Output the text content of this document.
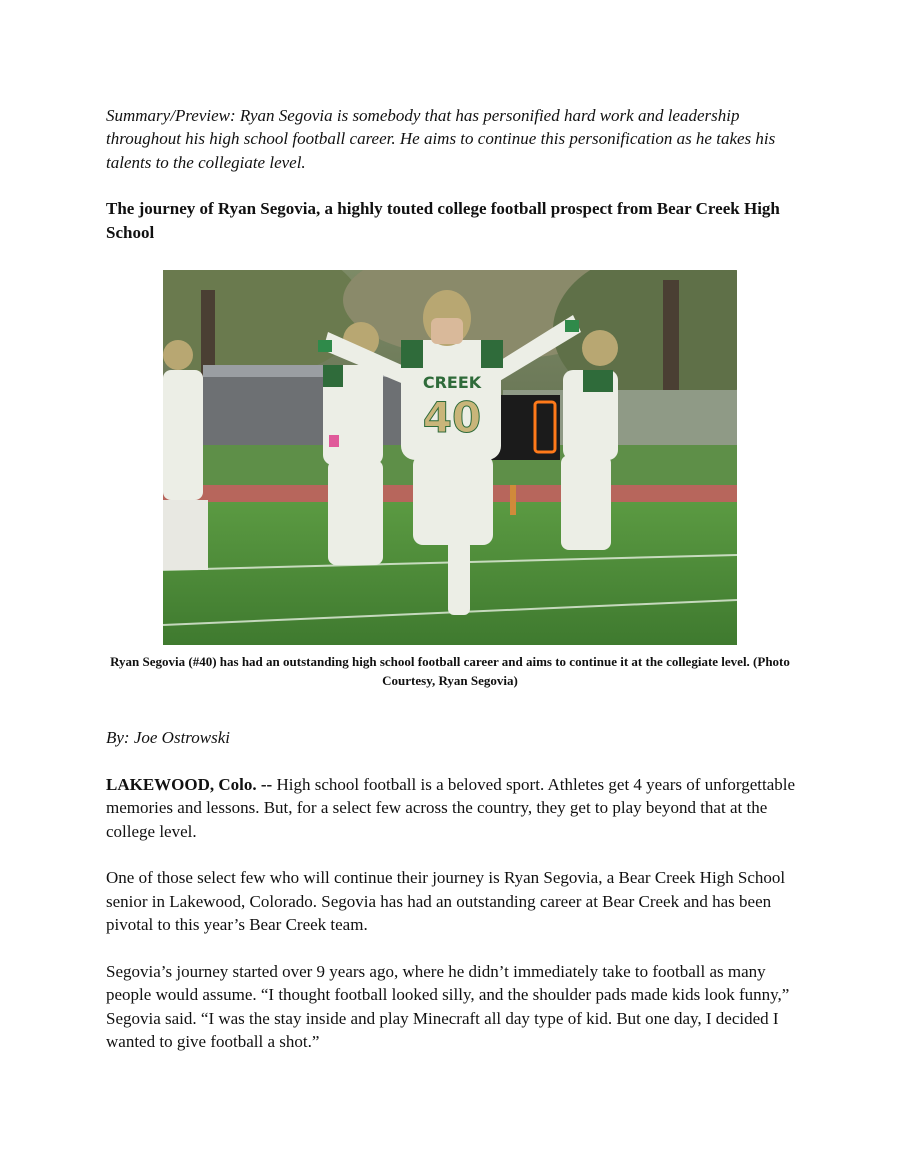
Summary/Preview: Ryan Segovia is somebody that has personified hard work and leadership throughout his high school football career. He aims to continue this personification as he takes his talents to the collegiate level.

The journey of Ryan Segovia, a highly touted college football prospect from Bear Creek High School

CREEK
40

Ryan Segovia (#40) has had an outstanding high school football career and aims to continue it at the collegiate level. (Photo Courtesy, Ryan Segovia)

By: Joe Ostrowski

LAKEWOOD, Colo. -- High school football is a beloved sport. Athletes get 4 years of unforgettable memories and lessons. But, for a select few across the country, they get to play beyond that at the college level.

One of those select few who will continue their journey is Ryan Segovia, a Bear Creek High School senior in Lakewood, Colorado. Segovia has had an outstanding career at Bear Creek and has been pivotal to this year’s Bear Creek team.

Segovia’s journey started over 9 years ago, where he didn’t immediately take to football as many people would assume. “I thought football looked silly, and the shoulder pads made kids look funny,” Segovia said. “I was the stay inside and play Minecraft all day type of kid. But one day, I decided I wanted to give football a shot.”
